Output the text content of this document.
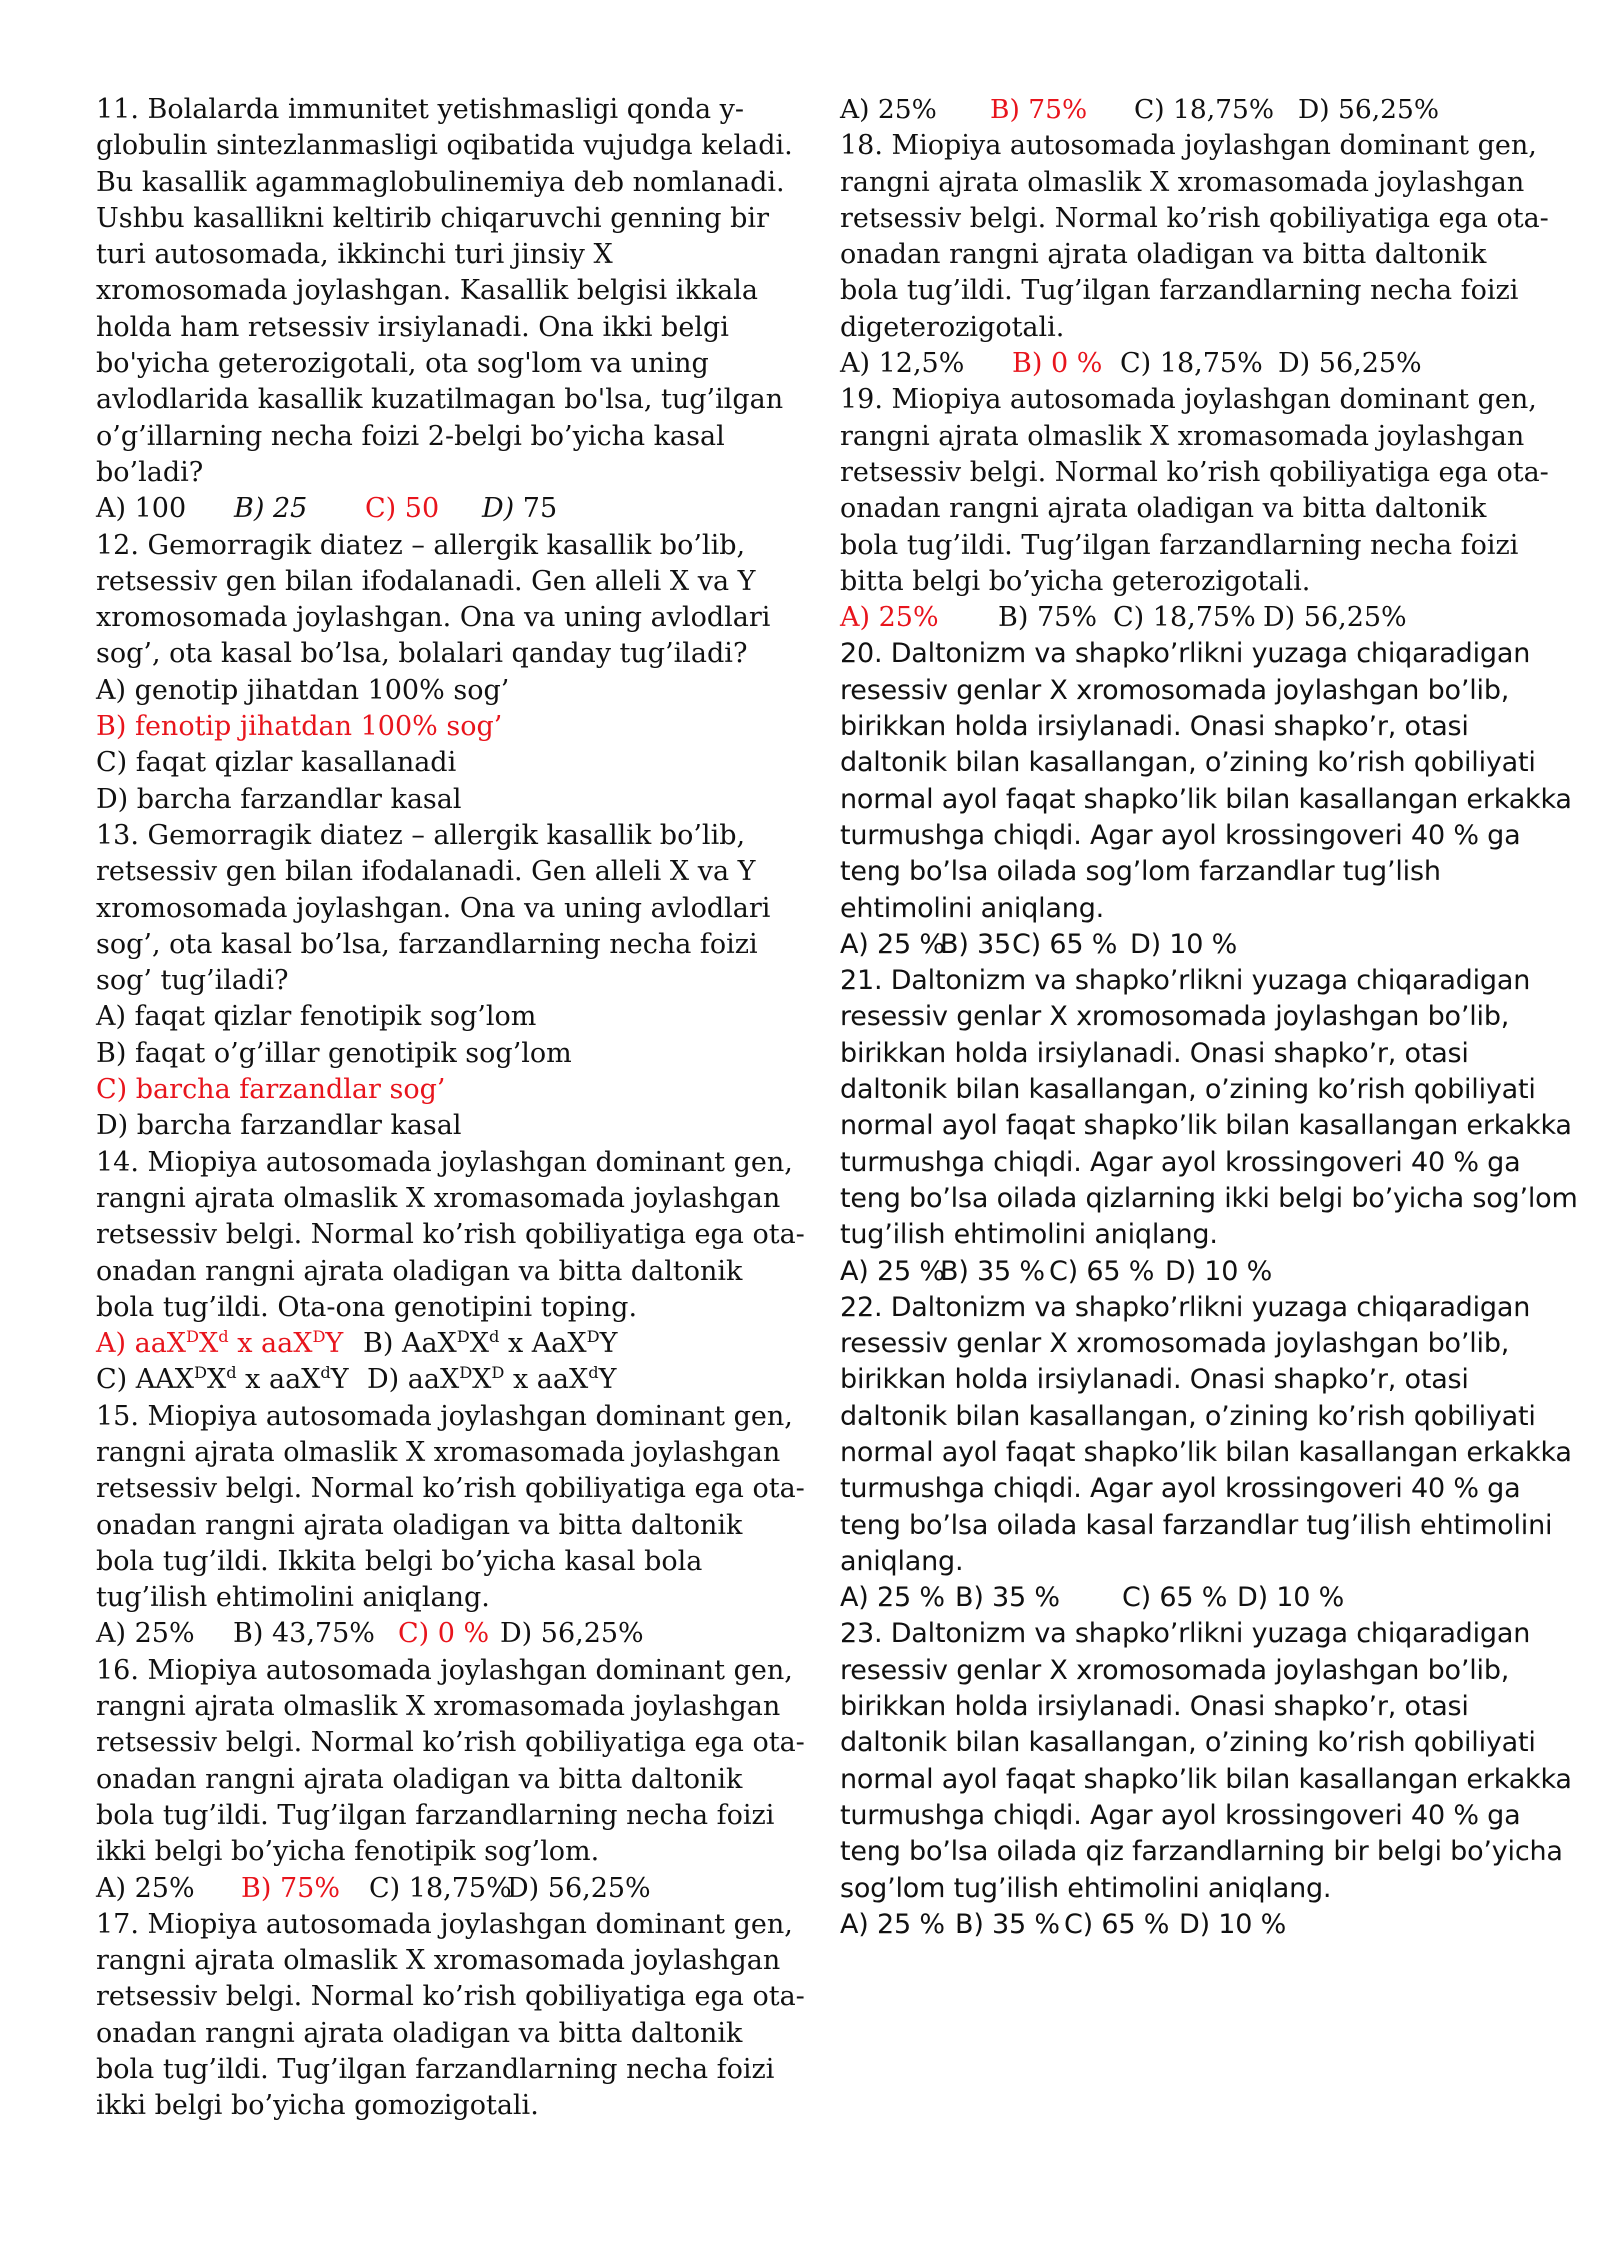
11. Bolalarda immunitet yetishmasligi qonda y-
globulin sintezlanmasligi oqibatida vujudga keladi.
Bu kasallik agammaglobulinemiya deb nomlanadi.
Ushbu kasallikni keltirib chiqaruvchi genning bir
turi autosomada, ikkinchi turi jinsiy X
xromosomada joylashgan. Kasallik belgisi ikkala
holda ham retsessiv irsiylanadi. Ona ikki belgi
bo'yicha geterozigotali, ota sog'lom va uning
avlodlarida kasallik kuzatilmagan bo'lsa, tug’ilgan
o’g’illarning necha foizi 2-belgi bo’yicha kasal
bo’ladi?
A) 100 B) 25 C) 50 D) 75
12. Gemorragik diatez – allergik kasallik bo’lib,
retsessiv gen bilan ifodalanadi. Gen alleli X va Y
xromosomada joylashgan. Ona va uning avlodlari
sog’, ota kasal bo’lsa, bolalari qanday tug’iladi?
A) genotip jihatdan 100% sog’
B) fenotip jihatdan 100% sog’
C) faqat qizlar kasallanadi
D) barcha farzandlar kasal
13. Gemorragik diatez – allergik kasallik bo’lib,
retsessiv gen bilan ifodalanadi. Gen alleli X va Y
xromosomada joylashgan. Ona va uning avlodlari
sog’, ota kasal bo’lsa, farzandlarning necha foizi
sog’ tug’iladi?
A) faqat qizlar fenotipik sog’lom
B) faqat o’g’illar genotipik sog’lom
C) barcha farzandlar sog’
D) barcha farzandlar kasal
14. Miopiya autosomada joylashgan dominant gen,
rangni ajrata olmaslik X xromasomada joylashgan
retsessiv belgi. Normal ko’rish qobiliyatiga ega ota-
onadan rangni ajrata oladigan va bitta daltonik
bola tug’ildi. Ota-ona genotipini toping.
A) $aaX^DX^d$ x aaX$^D$Y B) $AaX^DX^d$ x AaX$^D$Y
C) $AAX^DX^d$ x aaX$^d$Y D) $aaX^DX^D$ x aaX$^d$Y
15. Miopiya autosomada joylashgan dominant gen,
rangni ajrata olmaslik X xromasomada joylashgan
retsessiv belgi. Normal ko’rish qobiliyatiga ega ota-
onadan rangni ajrata oladigan va bitta daltonik
bola tug’ildi. Ikkita belgi bo’yicha kasal bola
tug’ilish ehtimolini aniqlang.
A) 25% B) 43,75% C) 0 % D) 56,25%
16. Miopiya autosomada joylashgan dominant gen,
rangni ajrata olmaslik X xromasomada joylashgan
retsessiv belgi. Normal ko’rish qobiliyatiga ega ota-
onadan rangni ajrata oladigan va bitta daltonik
bola tug’ildi. Tug’ilgan farzandlarning necha foizi
ikki belgi bo’yicha fenotipik sog’lom.
A) 25% B) 75% C) 18,75%D) 56,25%
17. Miopiya autosomada joylashgan dominant gen,
rangni ajrata olmaslik X xromasomada joylashgan
retsessiv belgi. Normal ko’rish qobiliyatiga ega ota-
onadan rangni ajrata oladigan va bitta daltonik
bola tug’ildi. Tug’ilgan farzandlarning necha foizi
ikki belgi bo’yicha gomozigotali.
A) 25% B) 75% C) 18,75% D) 56,25%
18. Miopiya autosomada joylashgan dominant gen,
rangni ajrata olmaslik X xromasomada joylashgan
retsessiv belgi. Normal ko’rish qobiliyatiga ega ota-
onadan rangni ajrata oladigan va bitta daltonik
bola tug’ildi. Tug’ilgan farzandlarning necha foizi
digeterozigotali.
A) 12,5% B) 0 % C) 18,75% D) 56,25%
19. Miopiya autosomada joylashgan dominant gen,
rangni ajrata olmaslik X xromasomada joylashgan
retsessiv belgi. Normal ko’rish qobiliyatiga ega ota-
onadan rangni ajrata oladigan va bitta daltonik
bola tug’ildi. Tug’ilgan farzandlarning necha foizi
bitta belgi bo’yicha geterozigotali.
A) 25% B) 75% C) 18,75% D) 56,25%
20. Daltonizm va shapko’rlikni yuzaga chiqaradigan
resessiv genlar X xromosomada joylashgan bo’lib,
birikkan holda irsiylanadi. Onasi shapko’r, otasi
daltonik bilan kasallangan, o’zining ko’rish qobiliyati
normal ayol faqat shapko’lik bilan kasallangan erkakka
turmushga chiqdi. Agar ayol krossingoveri 40 % ga
teng bo’lsa oilada sog’lom farzandlar tug’lish
ehtimolini aniqlang.
A) 25 %B) 35C) 65 % D) 10 %
21. Daltonizm va shapko’rlikni yuzaga chiqaradigan
resessiv genlar X xromosomada joylashgan bo’lib,
birikkan holda irsiylanadi. Onasi shapko’r, otasi
daltonik bilan kasallangan, o’zining ko’rish qobiliyati
normal ayol faqat shapko’lik bilan kasallangan erkakka
turmushga chiqdi. Agar ayol krossingoveri 40 % ga
teng bo’lsa oilada qizlarning ikki belgi bo’yicha sog’lom
tug’ilish ehtimolini aniqlang.
A) 25 %B) 35 % C) 65 % D) 10 %
22. Daltonizm va shapko’rlikni yuzaga chiqaradigan
resessiv genlar X xromosomada joylashgan bo’lib,
birikkan holda irsiylanadi. Onasi shapko’r, otasi
daltonik bilan kasallangan, o’zining ko’rish qobiliyati
normal ayol faqat shapko’lik bilan kasallangan erkakka
turmushga chiqdi. Agar ayol krossingoveri 40 % ga
teng bo’lsa oilada kasal farzandlar tug’ilish ehtimolini
aniqlang.
A) 25 % B) 35 % C) 65 % D) 10 %
23. Daltonizm va shapko’rlikni yuzaga chiqaradigan
resessiv genlar X xromosomada joylashgan bo’lib,
birikkan holda irsiylanadi. Onasi shapko’r, otasi
daltonik bilan kasallangan, o’zining ko’rish qobiliyati
normal ayol faqat shapko’lik bilan kasallangan erkakka
turmushga chiqdi. Agar ayol krossingoveri 40 % ga
teng bo’lsa oilada qiz farzandlarning bir belgi bo’yicha
sog’lom tug’ilish ehtimolini aniqlang.
A) 25 % B) 35 % C) 65 % D) 10 %
